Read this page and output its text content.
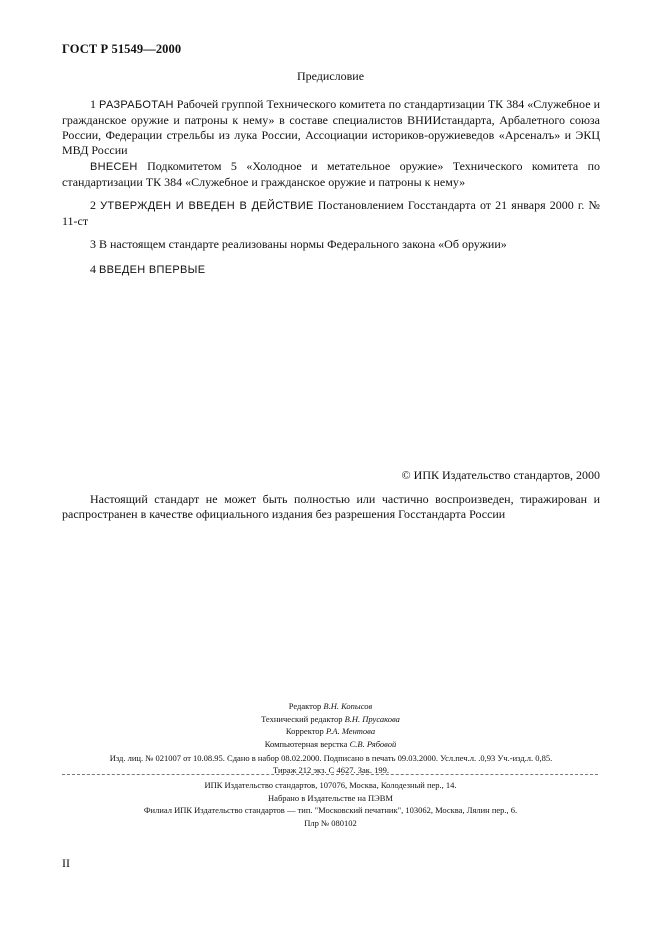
ГОСТ Р 51549—2000
Предисловие
1 РАЗРАБОТАН Рабочей группой Технического комитета по стандартизации ТК 384 «Служебное и гражданское оружие и патроны к нему» в составе специалистов ВНИИстандарта, Арбалетного союза России, Федерации стрельбы из лука России, Ассоциации историков-оружиеведов «Арсеналъ» и ЭКЦ МВД России
ВНЕСЕН Подкомитетом 5 «Холодное и метательное оружие» Технического комитета по стандартизации ТК 384 «Служебное и гражданское оружие и патроны к нему»
2 УТВЕРЖДЕН И ВВЕДЕН В ДЕЙСТВИЕ Постановлением Госстандарта от 21 января 2000 г. № 11-ст
3 В настоящем стандарте реализованы нормы Федерального закона «Об оружии»
4 ВВЕДЕН ВПЕРВЫЕ
© ИПК Издательство стандартов, 2000
Настоящий стандарт не может быть полностью или частично воспроизведен, тиражирован и распространен в качестве официального издания без разрешения Госстандарта России
Редактор В.Н. Копысов
Технический редактор В.Н. Прусакова
Корректор Р.А. Ментова
Компьютерная верстка С.В. Рябовой
Изд. лиц. № 021007 от 10.08.95. Сдано в набор 08.02.2000. Подписано в печать 09.03.2000. Усл.печ.л. .0,93 Уч.-изд.л. 0,85.
Тираж 212 экз. С 4627. Зак. 199.
ИПК Издательство стандартов, 107076, Москва, Колодезный пер., 14.
Набрано в Издательстве на ПЭВМ
Филиал ИПК Издательство стандартов — тип. "Московский печатник", 103062, Москва, Лялин пер., 6.
Плр № 080102
II
